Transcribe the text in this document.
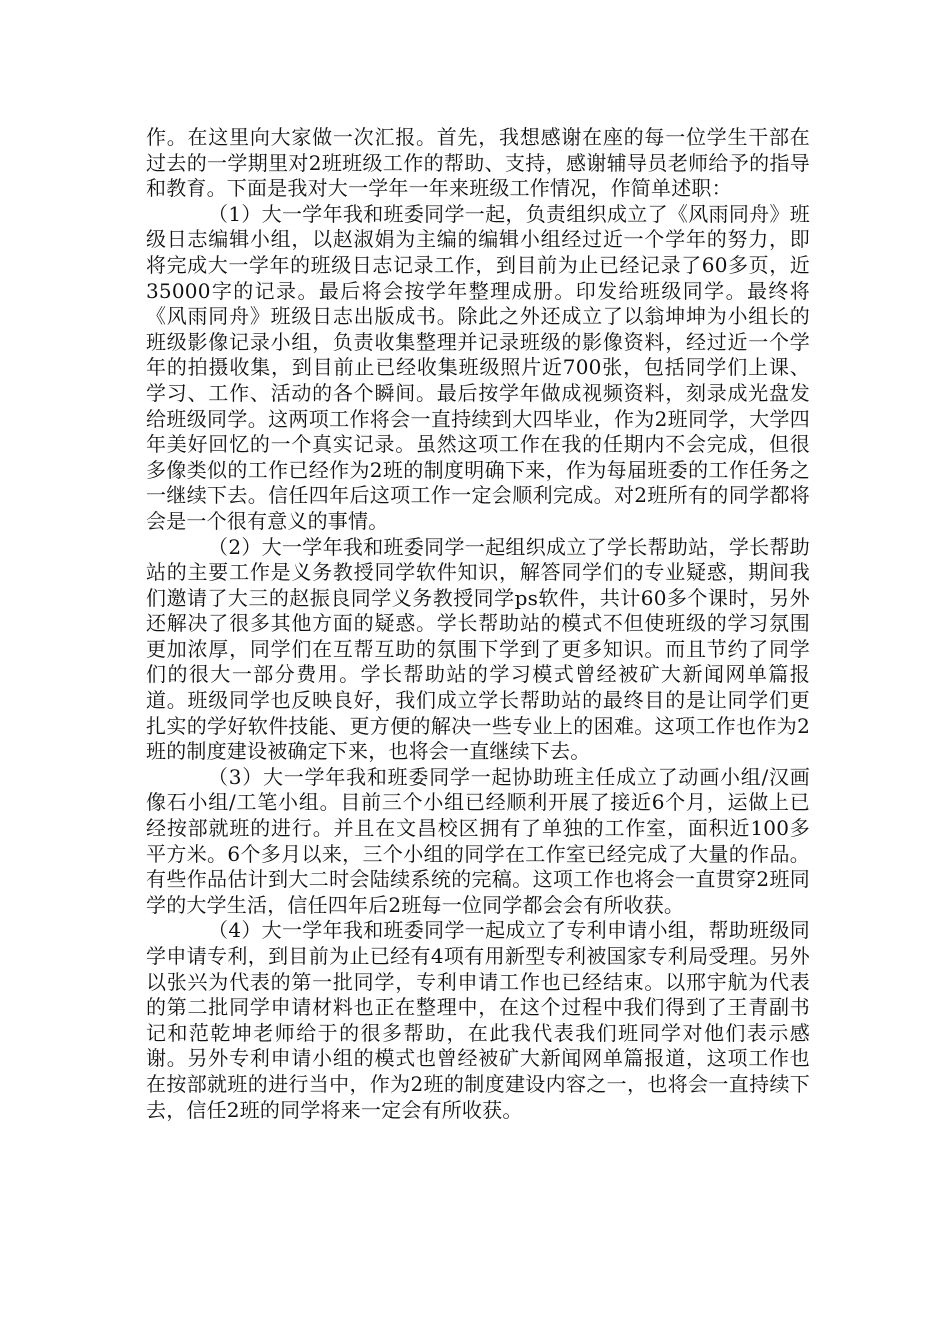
作。在这里向大家做一次汇报。首先，我想感谢在座的每一位学生干部在过去的一学期里对2班班级工作的帮助、支持，感谢辅导员老师给予的指导和教育。下面是我对大一学年一年来班级工作情况，作简单述职：

（1）大一学年我和班委同学一起，负责组织成立了《风雨同舟》班级日志编辑小组，以赵淑娟为主编的编辑小组经过近一个学年的努力，即将完成大一学年的班级日志记录工作，到目前为止已经记录了60多页，近35000字的记录。最后将会按学年整理成册。印发给班级同学。最终将《风雨同舟》班级日志出版成书。除此之外还成立了以翁坤坤为小组长的班级影像记录小组，负责收集整理并记录班级的影像资料，经过近一个学年的拍摄收集，到目前止已经收集班级照片近700张，包括同学们上课、学习、工作、活动的各个瞬间。最后按学年做成视频资料，刻录成光盘发给班级同学。这两项工作将会一直持续到大四毕业，作为2班同学，大学四年美好回忆的一个真实记录。虽然这项工作在我的任期内不会完成，但很多像类似的工作已经作为2班的制度明确下来，作为每届班委的工作任务之一继续下去。信任四年后这项工作一定会顺利完成。对2班所有的同学都将会是一个很有意义的事情。

（2）大一学年我和班委同学一起组织成立了学长帮助站，学长帮助站的主要工作是义务教授同学软件知识，解答同学们的专业疑惑，期间我们邀请了大三的赵振良同学义务教授同学ps软件，共计60多个课时，另外还解决了很多其他方面的疑惑。学长帮助站的模式不但使班级的学习氛围更加浓厚，同学们在互帮互助的氛围下学到了更多知识。而且节约了同学们的很大一部分费用。学长帮助站的学习模式曾经被矿大新闻网单篇报道。班级同学也反映良好，我们成立学长帮助站的最终目的是让同学们更扎实的学好软件技能、更方便的解决一些专业上的困难。这项工作也作为2班的制度建设被确定下来，也将会一直继续下去。

（3）大一学年我和班委同学一起协助班主任成立了动画小组/汉画像石小组/工笔小组。目前三个小组已经顺利开展了接近6个月，运做上已经按部就班的进行。并且在文昌校区拥有了单独的工作室，面积近100多平方米。6个多月以来，三个小组的同学在工作室已经完成了大量的作品。有些作品估计到大二时会陆续系统的完稿。这项工作也将会一直贯穿2班同学的大学生活，信任四年后2班每一位同学都会会有所收获。

（4）大一学年我和班委同学一起成立了专利申请小组，帮助班级同学申请专利，到目前为止已经有4项有用新型专利被国家专利局受理。另外以张兴为代表的第一批同学，专利申请工作也已经结束。以邢宇航为代表的第二批同学申请材料也正在整理中，在这个过程中我们得到了王青副书记和范乾坤老师给于的很多帮助，在此我代表我们班同学对他们表示感谢。另外专利申请小组的模式也曾经被矿大新闻网单篇报道，这项工作也在按部就班的进行当中，作为2班的制度建设内容之一，也将会一直持续下去，信任2班的同学将来一定会有所收获。
